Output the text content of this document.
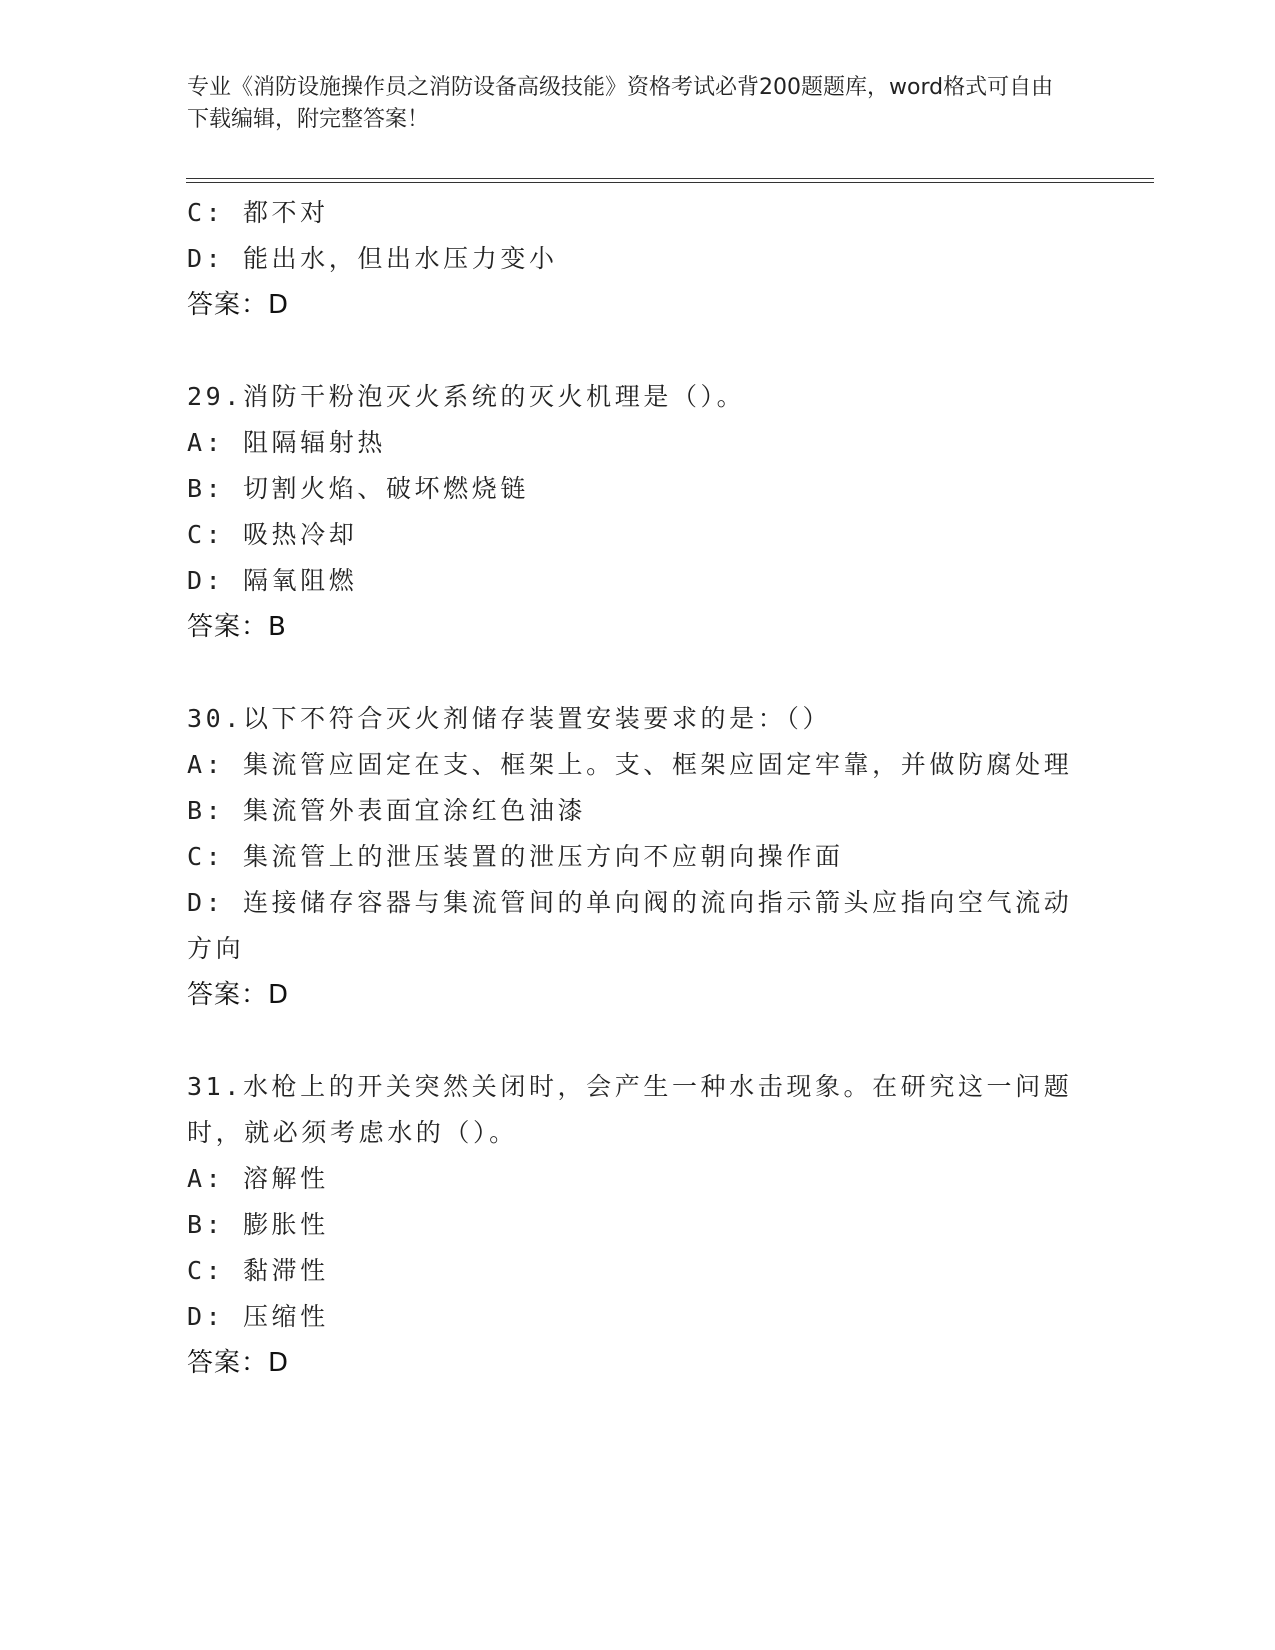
专业《消防设施操作员之消防设备高级技能》资格考试必背200题题库，word格式可自由下载编辑，附完整答案！
C: 都不对
D: 能出水，但出水压力变小
答案：D
29.消防干粉泡灭火系统的灭火机理是（）。
A: 阻隔辐射热
B: 切割火焰、破坏燃烧链
C: 吸热冷却
D: 隔氧阻燃
答案：B
30.以下不符合灭火剂储存装置安装要求的是：（）
A: 集流管应固定在支、框架上。支、框架应固定牢靠，并做防腐处理
B: 集流管外表面宜涂红色油漆
C: 集流管上的泄压装置的泄压方向不应朝向操作面
D: 连接储存容器与集流管间的单向阀的流向指示箭头应指向空气流动方向
答案：D
31.水枪上的开关突然关闭时，会产生一种水击现象。在研究这一问题时，就必须考虑水的（）。
A: 溶解性
B: 膨胀性
C: 黏滞性
D: 压缩性
答案：D
